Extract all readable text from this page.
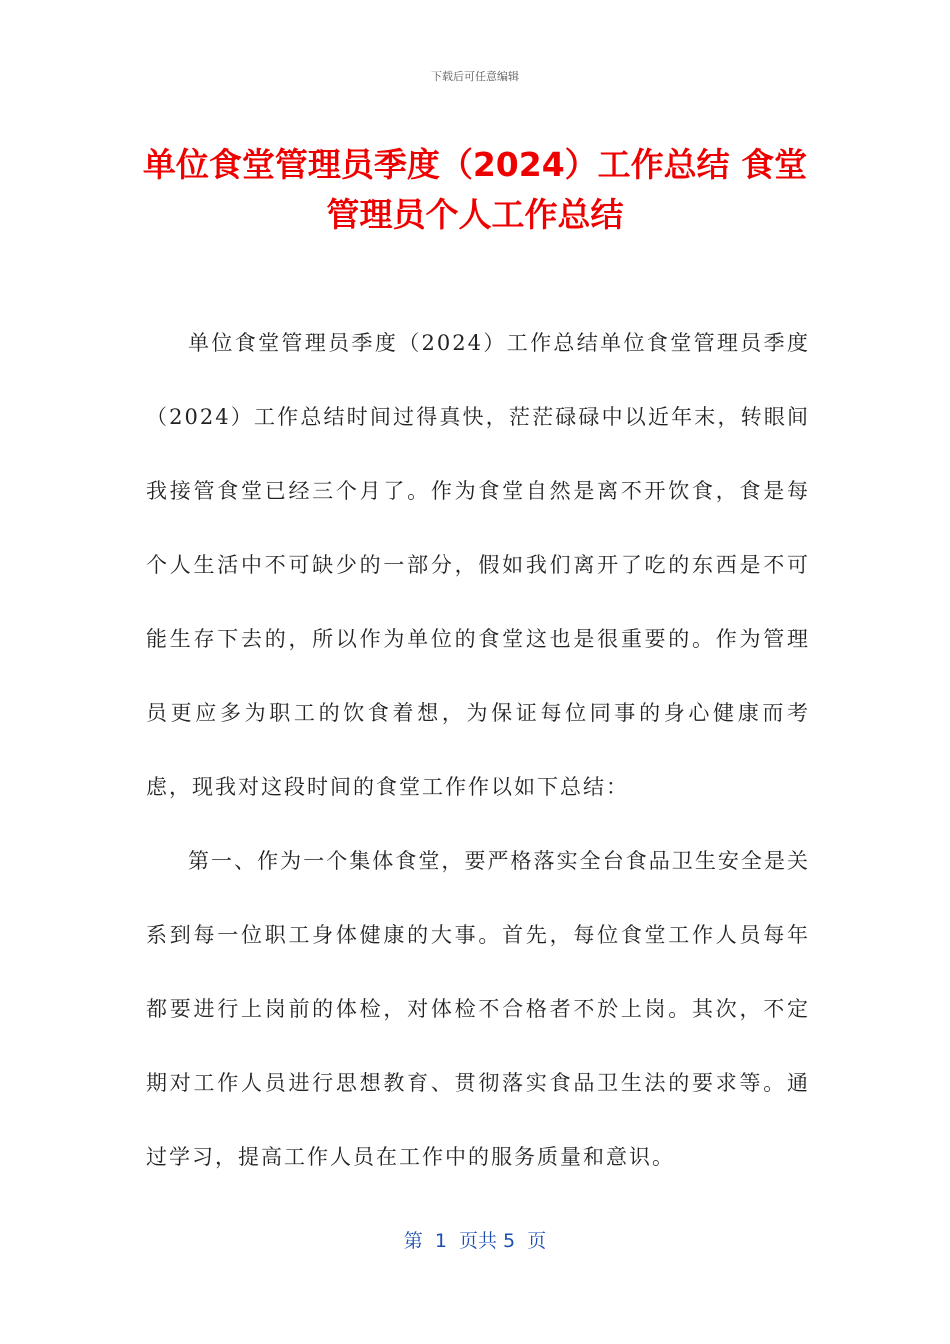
下载后可任意编辑
单位食堂管理员季度（2024）工作总结 食堂管理员个人工作总结

单位食堂管理员季度（2024）工作总结单位食堂管理员季度（2024）工作总结时间过得真快，茫茫碌碌中以近年末，转眼间我接管食堂已经三个月了。作为食堂自然是离不开饮食，食是每个人生活中不可缺少的一部分，假如我们离开了吃的东西是不可能生存下去的，所以作为单位的食堂这也是很重要的。作为管理员更应多为职工的饮食着想，为保证每位同事的身心健康而考虑，现我对这段时间的食堂工作作以如下总结：

第一、作为一个集体食堂，要严格落实全台食品卫生安全是关系到每一位职工身体健康的大事。首先，每位食堂工作人员每年都要进行上岗前的体检，对体检不合格者不於上岗。其次，不定期对工作人员进行思想教育、贯彻落实食品卫生法的要求等。通过学习，提高工作人员在工作中的服务质量和意识。

第  1  页共 5  页
